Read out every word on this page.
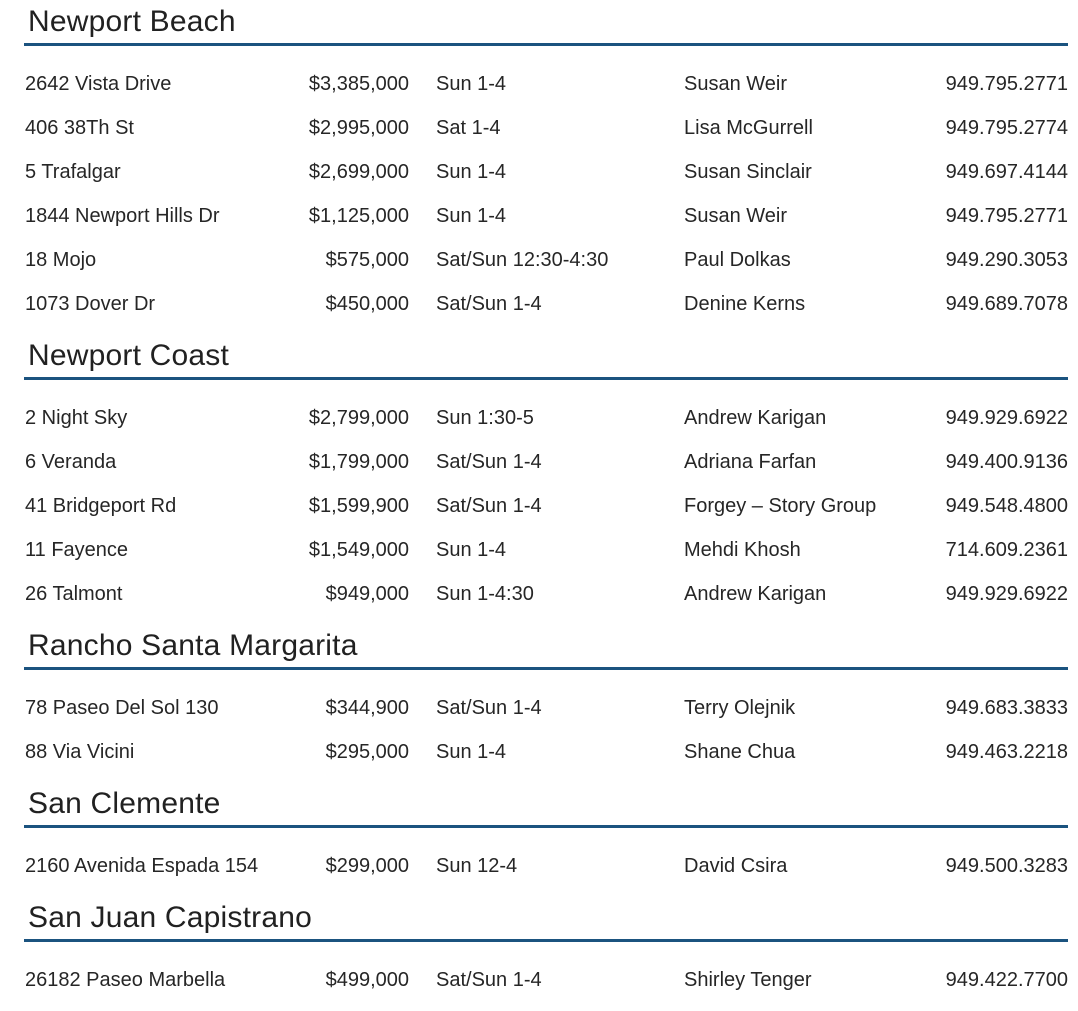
Newport Beach
2642 Vista Drive	$3,385,000	Sun 1-4	Susan Weir	949.795.2771
406 38Th St	$2,995,000	Sat 1-4	Lisa McGurrell	949.795.2774
5 Trafalgar	$2,699,000	Sun 1-4	Susan Sinclair	949.697.4144
1844 Newport Hills Dr	$1,125,000	Sun 1-4	Susan Weir	949.795.2771
18 Mojo	$575,000	Sat/Sun 12:30-4:30	Paul Dolkas	949.290.3053
1073 Dover Dr	$450,000	Sat/Sun 1-4	Denine Kerns	949.689.7078
Newport Coast
2 Night Sky	$2,799,000	Sun 1:30-5	Andrew Karigan	949.929.6922
6 Veranda	$1,799,000	Sat/Sun 1-4	Adriana Farfan	949.400.9136
41 Bridgeport Rd	$1,599,900	Sat/Sun 1-4	Forgey – Story Group	949.548.4800
11 Fayence	$1,549,000	Sun 1-4	Mehdi Khosh	714.609.2361
26 Talmont	$949,000	Sun 1-4:30	Andrew Karigan	949.929.6922
Rancho Santa Margarita
78 Paseo Del Sol 130	$344,900	Sat/Sun 1-4	Terry Olejnik	949.683.3833
88 Via Vicini	$295,000	Sun 1-4	Shane Chua	949.463.2218
San Clemente
2160 Avenida Espada 154	$299,000	Sun 12-4	David Csira	949.500.3283
San Juan Capistrano
26182 Paseo Marbella	$499,000	Sat/Sun 1-4	Shirley Tenger	949.422.7700
